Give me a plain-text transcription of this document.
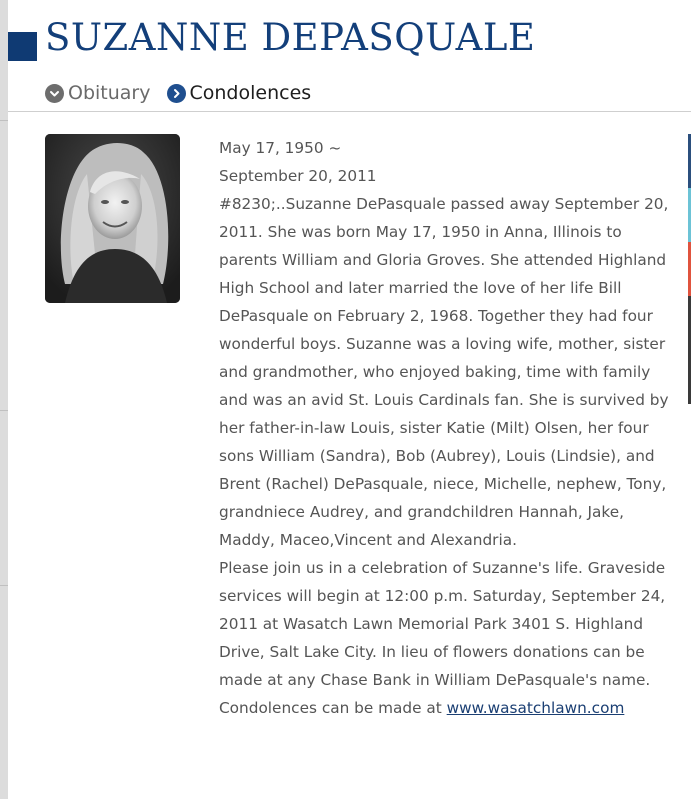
SUZANNE DEPASQUALE
Obituary Condolences

May 17, 1950 ~

September 20, 2011

#8230;..Suzanne DePasquale passed away September 20, 2011. She was born May 17, 1950 in Anna, Illinois to parents William and Gloria Groves. She attended Highland High School and later married the love of her life Bill DePasquale on February 2, 1968. Together they had four wonderful boys. Suzanne was a loving wife, mother, sister and grandmother, who enjoyed baking, time with family and was an avid St. Louis Cardinals fan. She is survived by her father-in-law Louis, sister Katie (Milt) Olsen, her four sons William (Sandra), Bob (Aubrey), Louis (Lindsie), and Brent (Rachel) DePasquale, niece, Michelle, nephew, Tony, grandniece Audrey, and grandchildren Hannah, Jake, Maddy, Maceo,Vincent and Alexandria.

Please join us in a celebration of Suzanne's life. Graveside services will begin at 12:00 p.m. Saturday, September 24, 2011 at Wasatch Lawn Memorial Park 3401 S. Highland Drive, Salt Lake City. In lieu of flowers donations can be made at any Chase Bank in William DePasquale's name.

Condolences can be made at www.wasatchlawn.com
